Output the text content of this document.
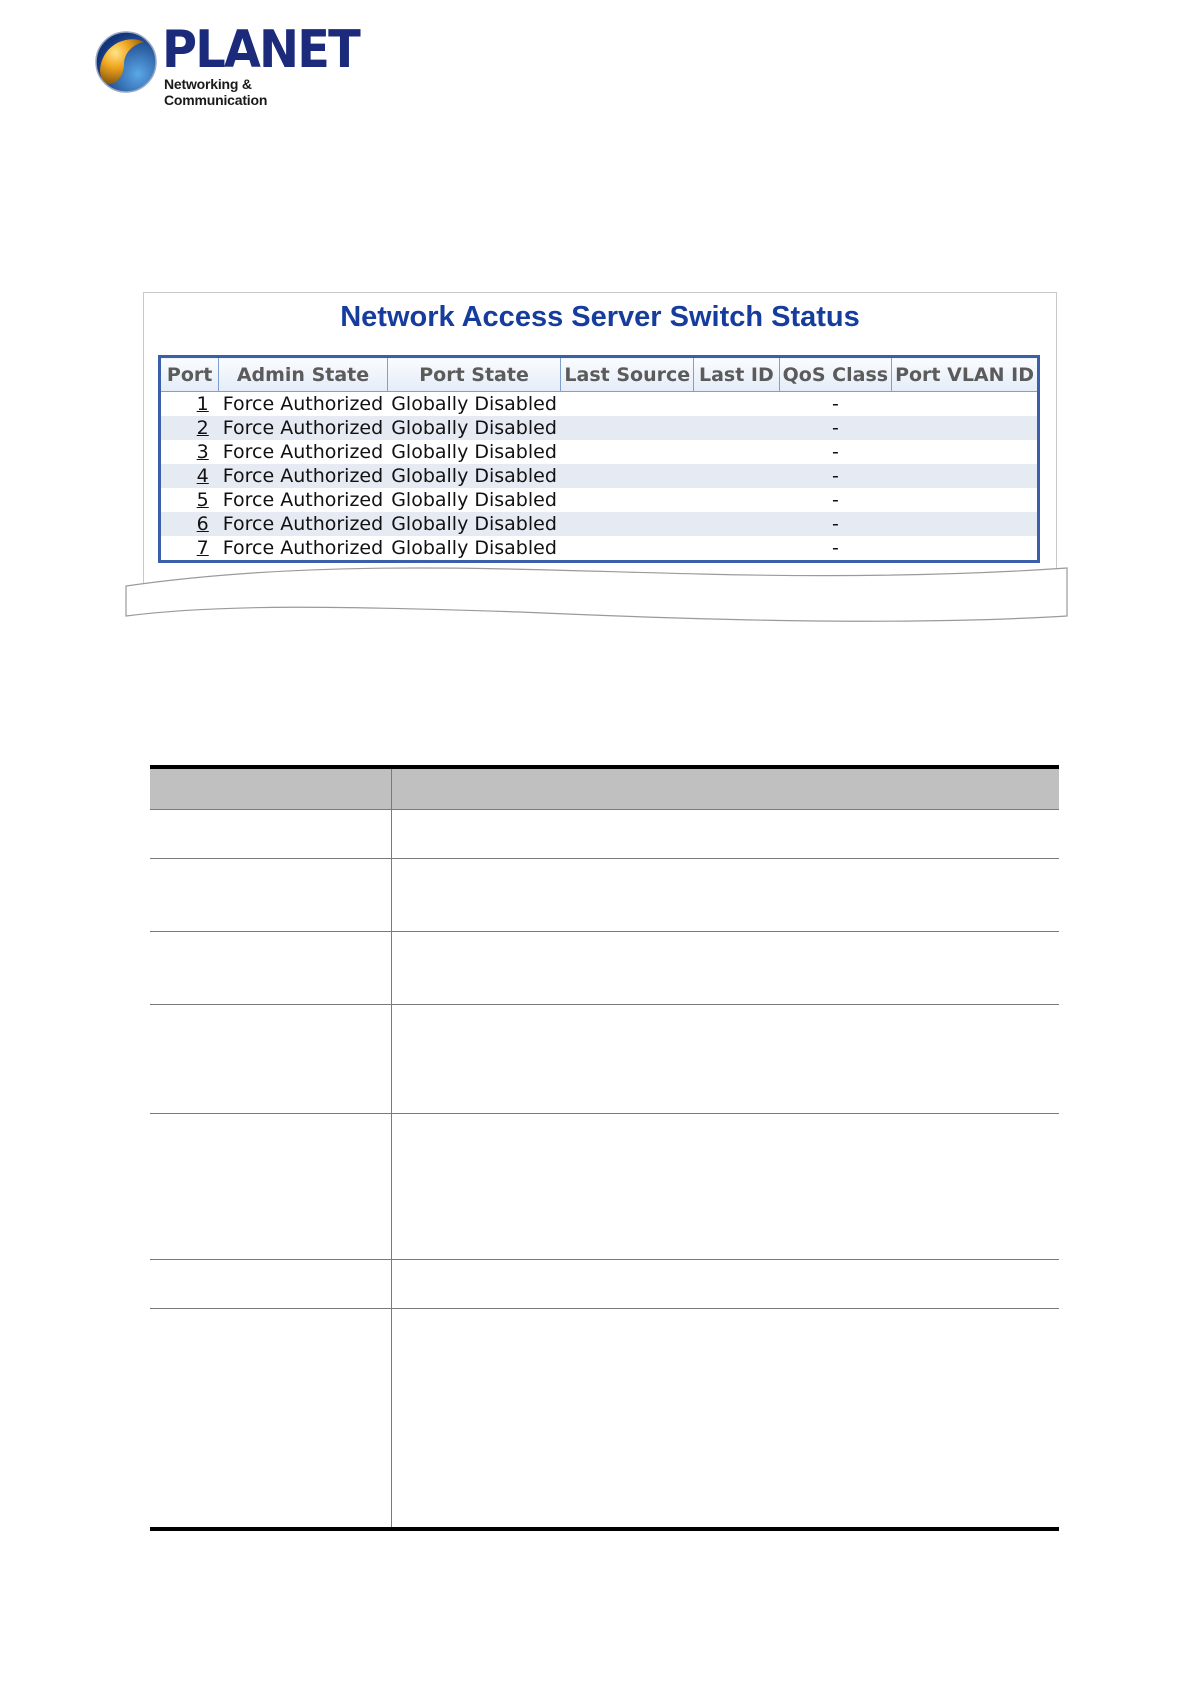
PLANET
Networking & Communication
Network Access Server Switch Status
Port	Admin State	Port State	Last Source	Last ID	QoS Class	Port VLAN ID
1	Force Authorized	Globally Disabled			-	
2	Force Authorized	Globally Disabled			-	
3	Force Authorized	Globally Disabled			-	
4	Force Authorized	Globally Disabled			-	
5	Force Authorized	Globally Disabled			-	
6	Force Authorized	Globally Disabled			-	
7	Force Authorized	Globally Disabled			-	
